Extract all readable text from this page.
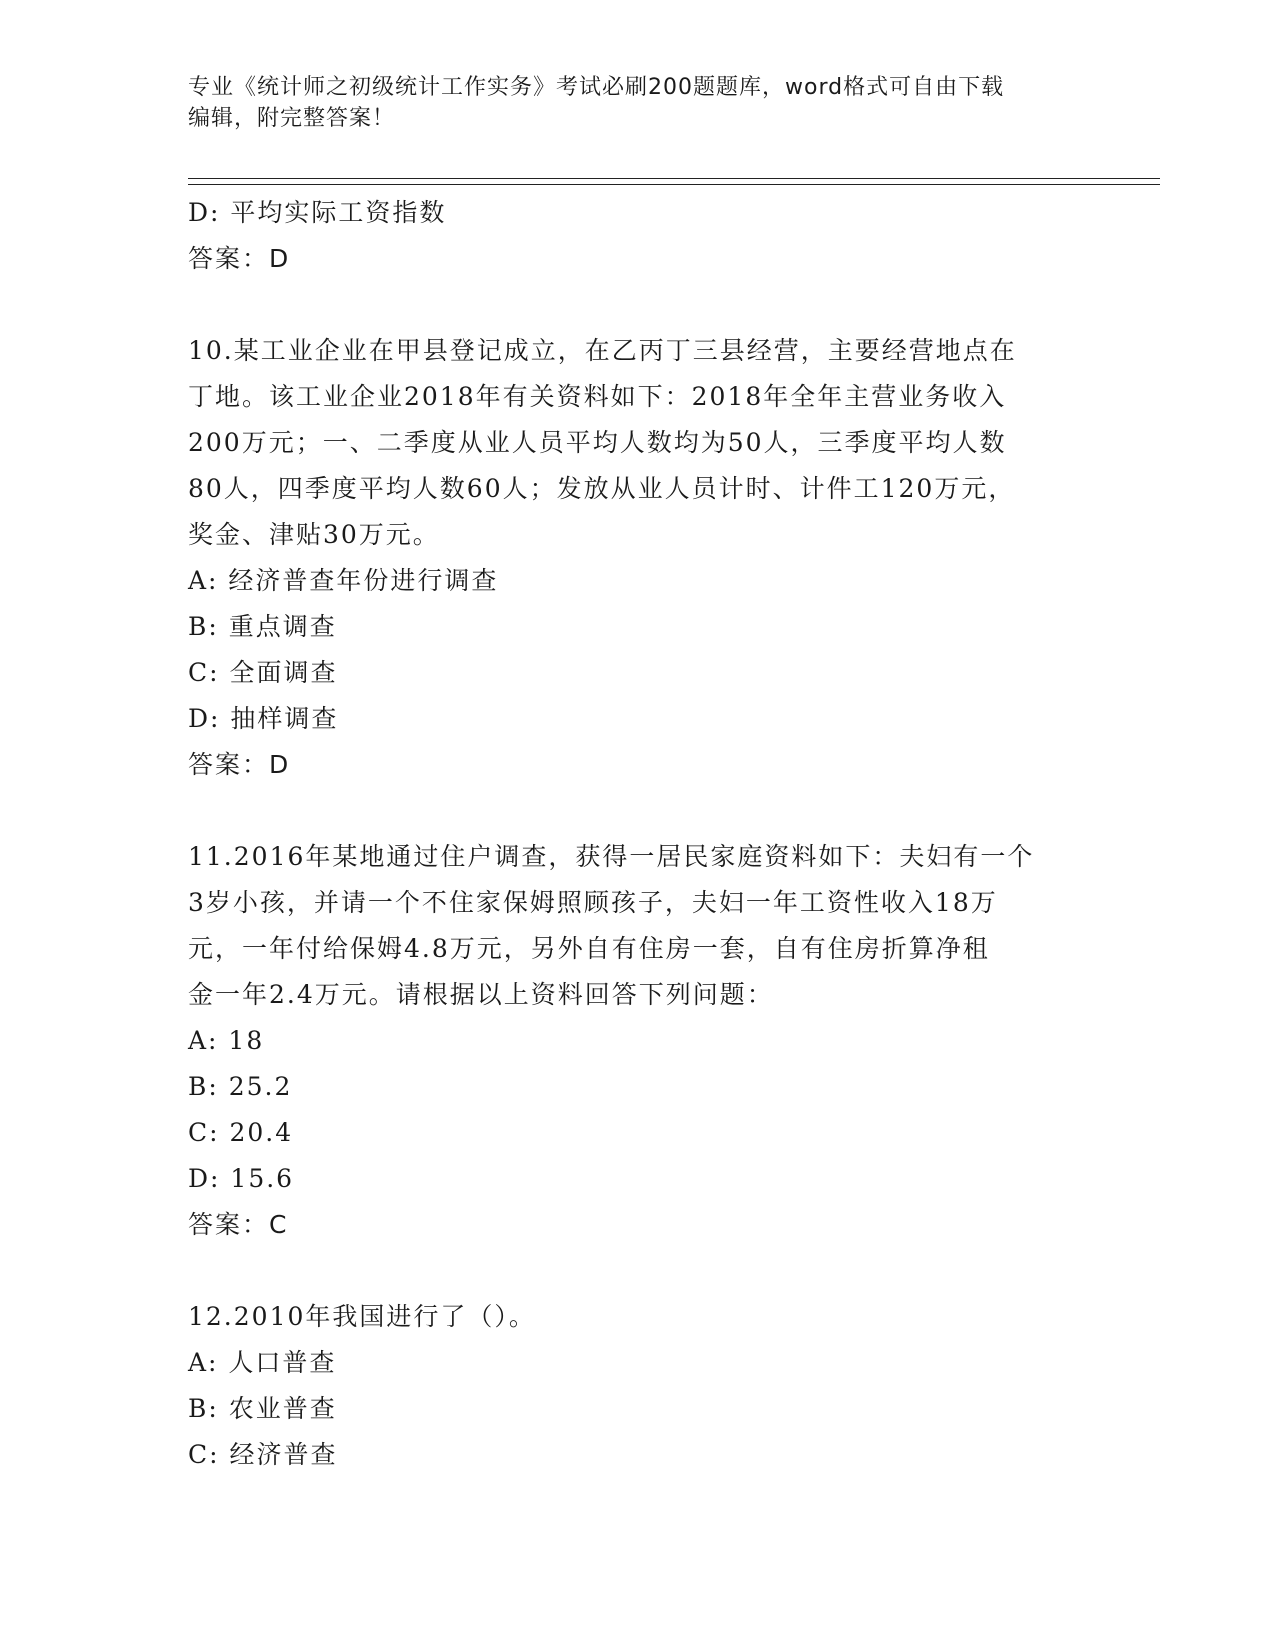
专业《统计师之初级统计工作实务》考试必刷200题题库，word格式可自由下载
编辑，附完整答案！
D: 平均实际工资指数
答案：D
10.某工业企业在甲县登记成立，在乙丙丁三县经营，主要经营地点在
丁地。该工业企业2018年有关资料如下：2018年全年主营业务收入
200万元；一、二季度从业人员平均人数均为50人，三季度平均人数
80人，四季度平均人数60人；发放从业人员计时、计件工120万元，
奖金、津贴30万元。
A: 经济普查年份进行调查
B: 重点调查
C: 全面调查
D: 抽样调查
答案：D
11.2016年某地通过住户调查，获得一居民家庭资料如下：夫妇有一个
3岁小孩，并请一个不住家保姆照顾孩子，夫妇一年工资性收入18万
元，一年付给保姆4.8万元，另外自有住房一套，自有住房折算净租
金一年2.4万元。请根据以上资料回答下列问题：
A: 18
B: 25.2
C: 20.4
D: 15.6
答案：C
12.2010年我国进行了（）。
A: 人口普查
B: 农业普查
C: 经济普查
